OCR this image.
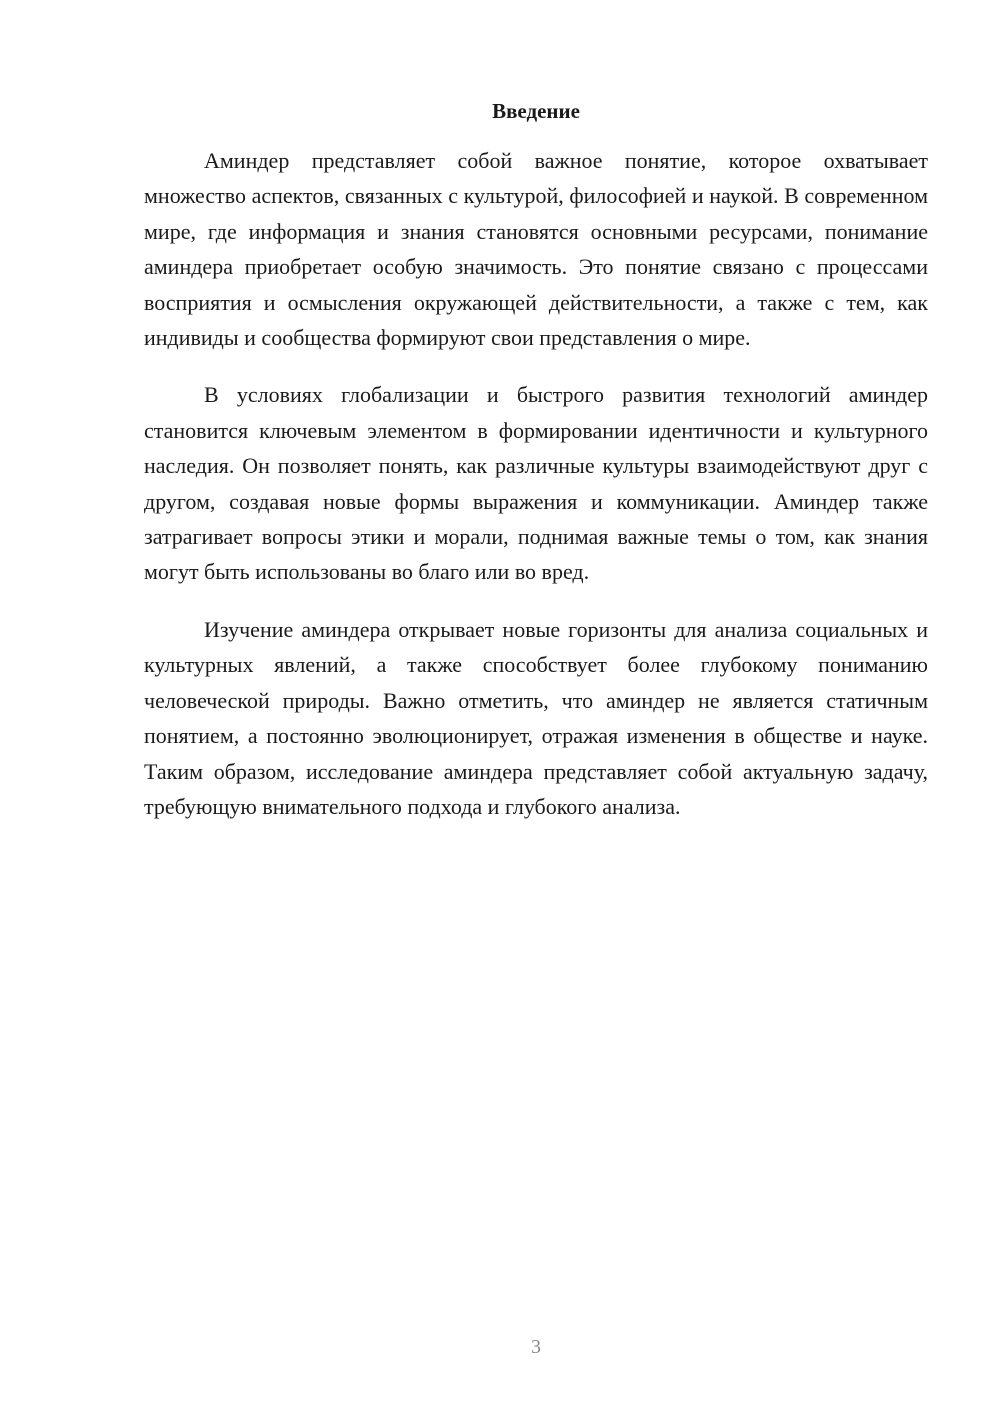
Введение

Аминдер представляет собой важное понятие, которое охватывает множество аспектов, связанных с культурой, философией и наукой. В современном мире, где информация и знания становятся основными ресурсами, понимание аминдера приобретает особую значимость. Это понятие связано с процессами восприятия и осмысления окружающей действительности, а также с тем, как индивиды и сообщества формируют свои представления о мире.

В условиях глобализации и быстрого развития технологий аминдер становится ключевым элементом в формировании идентичности и культурного наследия. Он позволяет понять, как различные культуры взаимодействуют друг с другом, создавая новые формы выражения и коммуникации. Аминдер также затрагивает вопросы этики и морали, поднимая важные темы о том, как знания могут быть использованы во благо или во вред.

Изучение аминдера открывает новые горизонты для анализа социальных и культурных явлений, а также способствует более глубокому пониманию человеческой природы. Важно отметить, что аминдер не является статичным понятием, а постоянно эволюционирует, отражая изменения в обществе и науке. Таким образом, исследование аминдера представляет собой актуальную задачу, требующую внимательного подхода и глубокого анализа.

3
